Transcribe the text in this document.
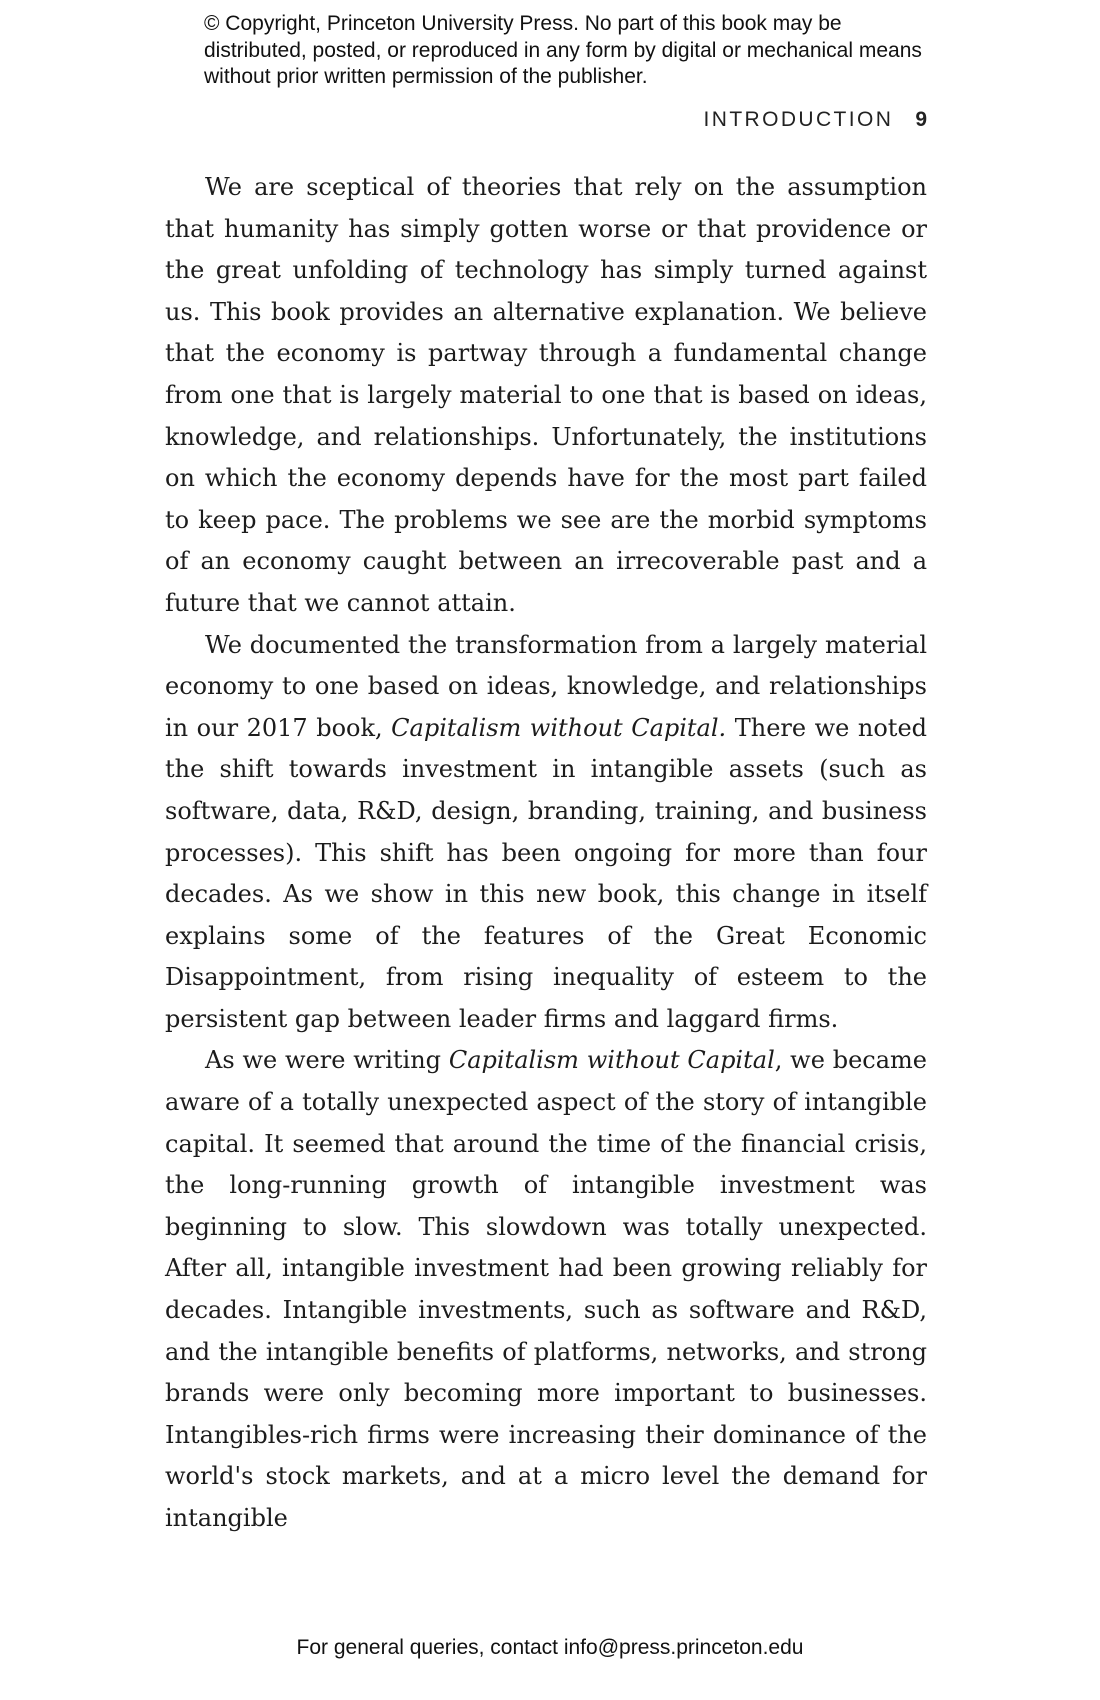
© Copyright, Princeton University Press. No part of this book may be distributed, posted, or reproduced in any form by digital or mechanical means without prior written permission of the publisher.
INTRODUCTION 9

We are sceptical of theories that rely on the assumption that humanity has simply gotten worse or that providence or the great unfolding of technology has simply turned against us. This book provides an alternative explanation. We believe that the economy is partway through a fundamental change from one that is largely material to one that is based on ideas, knowledge, and relationships. Unfortunately, the institutions on which the economy depends have for the most part failed to keep pace. The problems we see are the morbid symptoms of an economy caught between an irrecoverable past and a future that we cannot attain.

We documented the transformation from a largely material economy to one based on ideas, knowledge, and relationships in our 2017 book, Capitalism without Capital. There we noted the shift towards investment in intangible assets (such as software, data, R&D, design, branding, training, and business processes). This shift has been ongoing for more than four decades. As we show in this new book, this change in itself explains some of the features of the Great Economic Disappointment, from rising inequality of esteem to the persistent gap between leader firms and laggard firms.

As we were writing Capitalism without Capital, we became aware of a totally unexpected aspect of the story of intangible capital. It seemed that around the time of the financial crisis, the long-running growth of intangible investment was beginning to slow. This slowdown was totally unexpected. After all, intangible investment had been growing reliably for decades. Intangible investments, such as software and R&D, and the intangible benefits of platforms, networks, and strong brands were only becoming more important to businesses. Intangibles-rich firms were increasing their dominance of the world's stock markets, and at a micro level the demand for intangible

For general queries, contact info@press.princeton.edu
